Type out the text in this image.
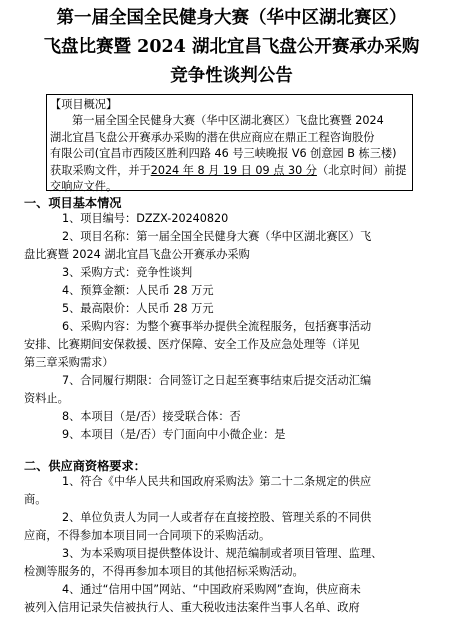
第一届全国全民健身大赛（华中区湖北赛区）
飞盘比赛暨 2024 湖北宜昌飞盘公开赛承办采购
竞争性谈判公告

【项目概况】

第一届全国全民健身大赛（华中区湖北赛区）飞盘比赛暨 2024

湖北宜昌飞盘公开赛承办采购的潜在供应商应在鼎正工程咨询股份

有限公司(宜昌市西陵区胜利四路 46 号三峡晚报 V6 创意园 B 栋三楼)

获取采购文件，并于2024 年 8 月 19 日 09 点 30 分（北京时间）前提

交响应文件。

一、项目基本情况

1、项目编号：DZZX-20240820

2、项目名称：第一届全国全民健身大赛（华中区湖北赛区）飞

盘比赛暨 2024 湖北宜昌飞盘公开赛承办采购

3、采购方式：竞争性谈判

4、预算金额：人民币 28 万元

5、最高限价：人民币 28 万元

6、采购内容：为整个赛事举办提供全流程服务，包括赛事活动

安排、比赛期间安保救援、医疗保障、安全工作及应急处理等（详见

第三章采购需求）

7、合同履行期限：合同签订之日起至赛事结束后提交活动汇编

资料止。

8、本项目（是/否）接受联合体：否

9、本项目（是/否）专门面向中小微企业：是

二、供应商资格要求：

1、符合《中华人民共和国政府采购法》第二十二条规定的供应

商。

2、单位负责人为同一人或者存在直接控股、管理关系的不同供

应商，不得参加本项目同一合同项下的采购活动。

3、为本采购项目提供整体设计、规范编制或者项目管理、监理、

检测等服务的，不得再参加本项目的其他招标采购活动。

4、通过“信用中国”网站、“中国政府采购网”查询，供应商未

被列入信用记录失信被执行人、重大税收违法案件当事人名单、政府
